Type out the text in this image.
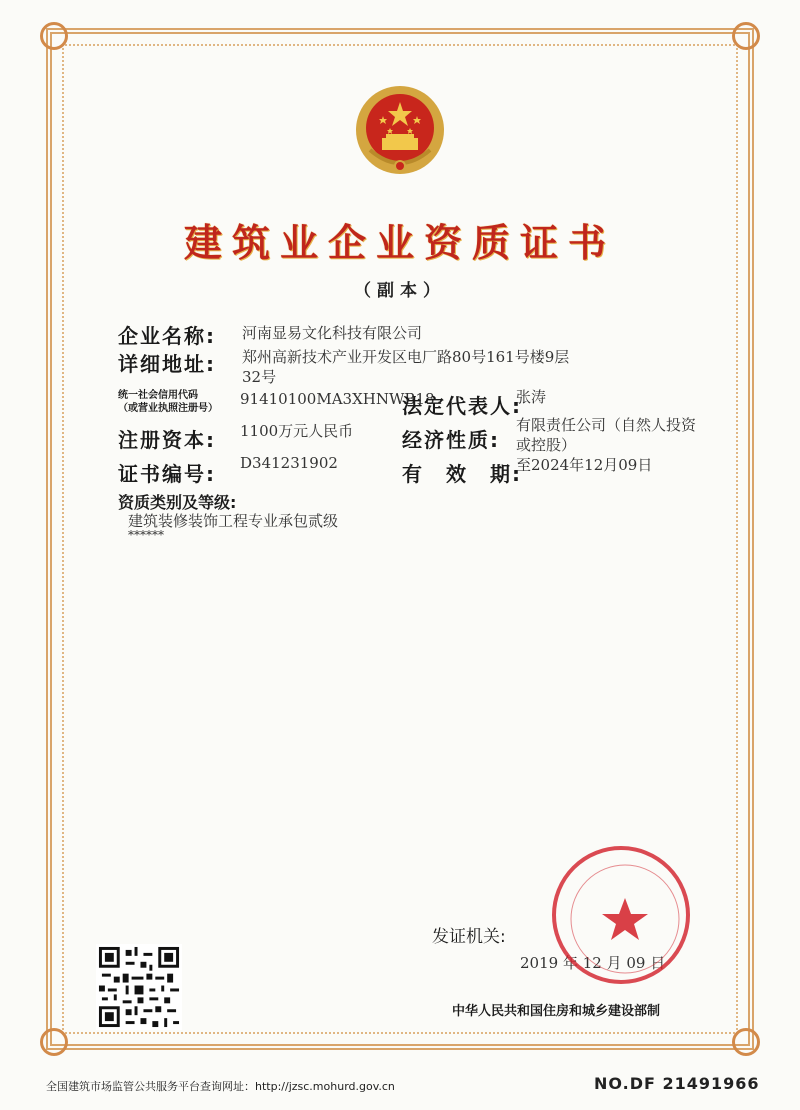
建筑业企业资质证书
（副本）
企业名称: 河南显易文化科技有限公司
详细地址: 郑州高新技术产业开发区电厂路80号161号楼9层
32号
统一社会信用代码
（或营业执照注册号）
91410100MA3XHNWB18
法定代表人:
张涛
注册资本: 1100万元人民币 经济性质:
有限责任公司（自然人投资
或控股）
证书编号: D341231902	有　效　期:
至2024年12月09日
资质类别及等级:
建筑装修装饰工程专业承包贰级
******
发证机关:
2019 年 12 月 09 日
中华人民共和国住房和城乡建设部制
全国建筑市场监管公共服务平台查询网址：http://jzsc.mohurd.gov.cn	NO.DF 21491966
